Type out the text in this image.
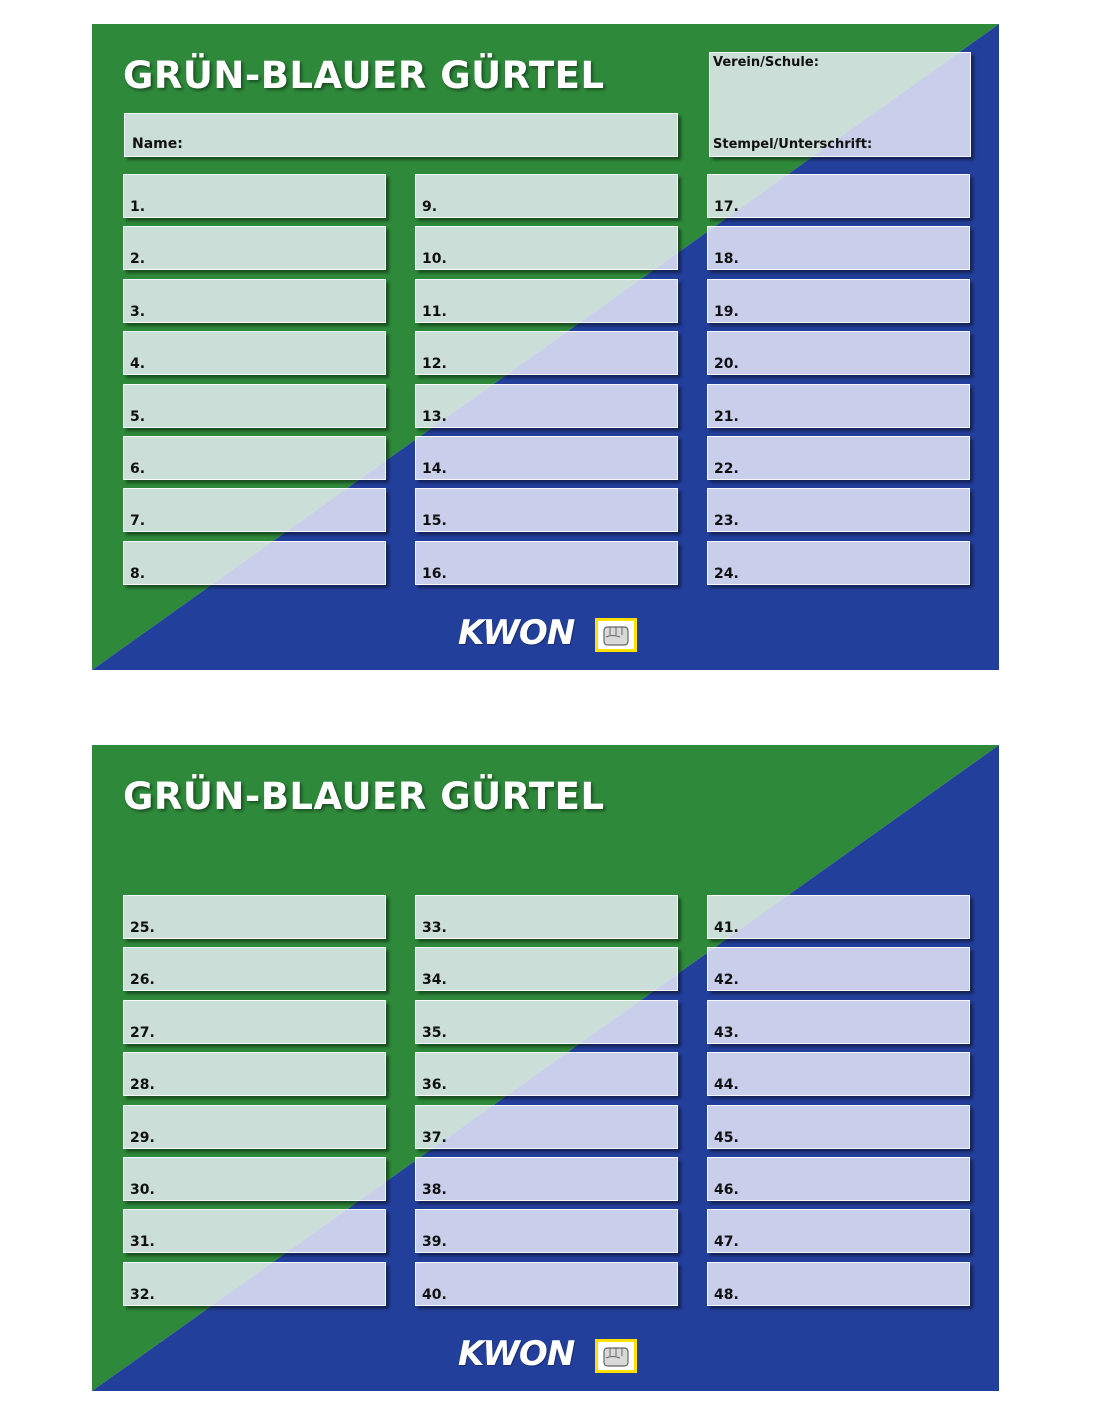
GRÜN-BLAUER GÜRTEL
Name:
Verein/Schule:
Stempel/Unterschrift:
KWON
1.
2.
3.
4.
5.
6.
7.
8.
9.
10.
11.
12.
13.
14.
15.
16.
17.
18.
19.
20.
21.
22.
23.
24.
GRÜN-BLAUER GÜRTEL
KWON
25.
26.
27.
28.
29.
30.
31.
32.
33.
34.
35.
36.
37.
38.
39.
40.
41.
42.
43.
44.
45.
46.
47.
48.
